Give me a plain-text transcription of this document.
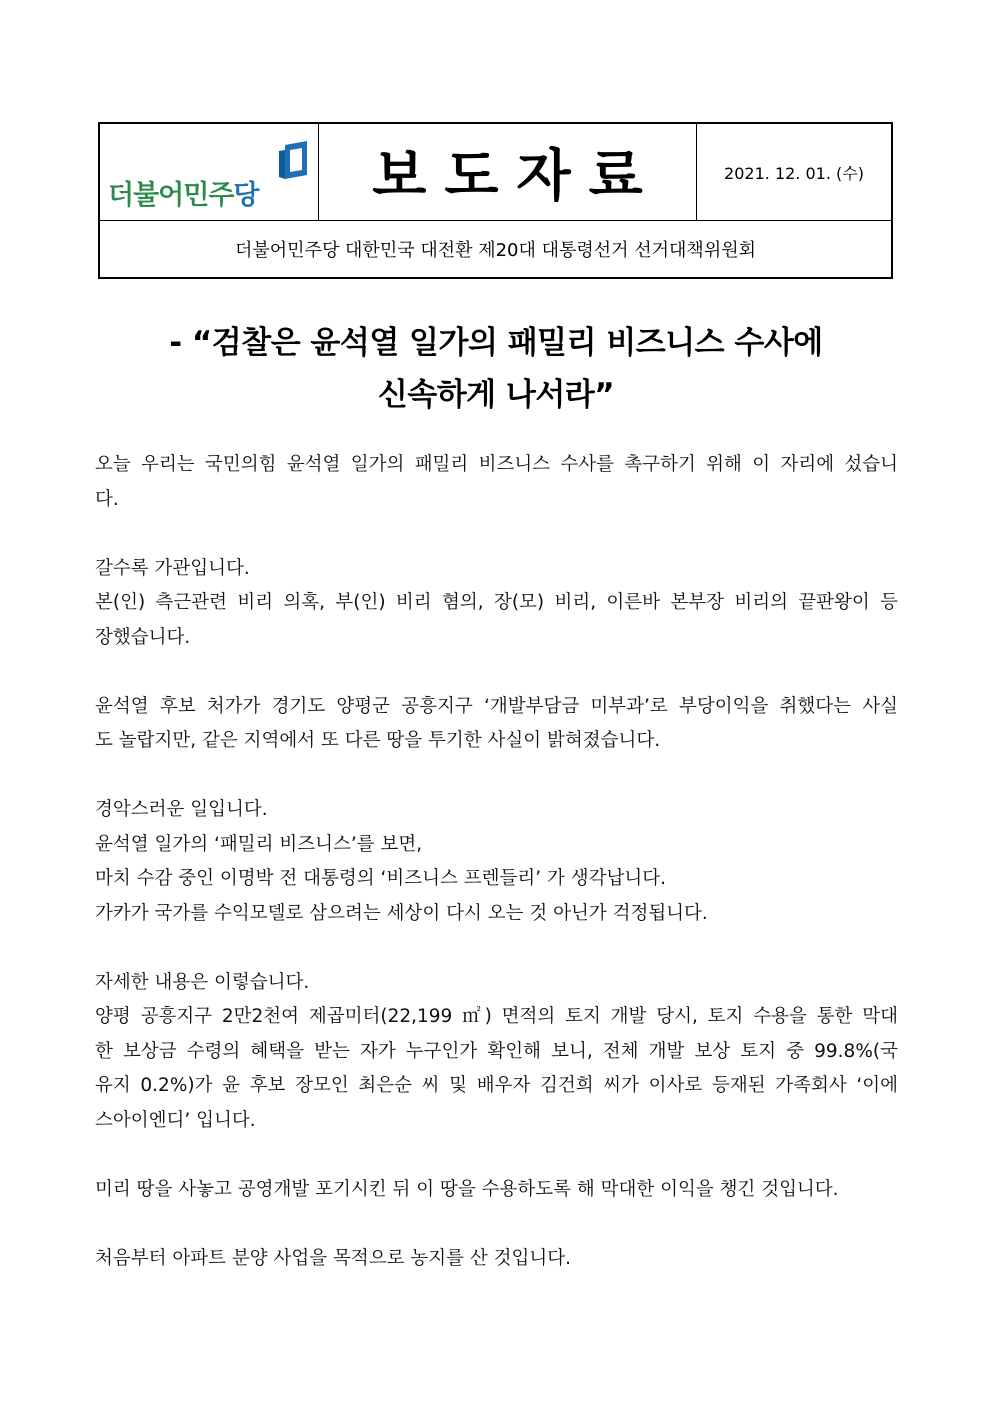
더불어민주당	보도자료	2021. 12. 01. (수)
더불어민주당 대한민국 대전환 제20대 대통령선거 선거대책위원회
- “검찰은 윤석열 일가의 패밀리 비즈니스 수사에
신속하게 나서라”
오늘 우리는 국민의힘 윤석열 일가의 패밀리 비즈니스 수사를 촉구하기 위해 이 자리에 섰습니
다.
갈수록 가관입니다.
본(인) 측근관련 비리 의혹, 부(인) 비리 혐의, 장(모) 비리, 이른바 본부장 비리의 끝판왕이 등
장했습니다.
윤석열 후보 처가가 경기도 양평군 공흥지구 ‘개발부담금 미부과’로 부당이익을 취했다는 사실
도 놀랍지만, 같은 지역에서 또 다른 땅을 투기한 사실이 밝혀졌습니다.
경악스러운 일입니다.
윤석열 일가의 ‘패밀리 비즈니스’를 보면,
마치 수감 중인 이명박 전 대통령의 ‘비즈니스 프렌들리’ 가 생각납니다.
가카가 국가를 수익모델로 삼으려는 세상이 다시 오는 것 아닌가 걱정됩니다.
자세한 내용은 이렇습니다.
양평 공흥지구 2만2천여 제곱미터(22,199 ㎡) 면적의 토지 개발 당시, 토지 수용을 통한 막대
한 보상금 수령의 혜택을 받는 자가 누구인가 확인해 보니, 전체 개발 보상 토지 중 99.8%(국
유지 0.2%)가 윤 후보 장모인 최은순 씨 및 배우자 김건희 씨가 이사로 등재된 가족회사 ‘이에
스아이엔디’ 입니다.
미리 땅을 사놓고 공영개발 포기시킨 뒤 이 땅을 수용하도록 해 막대한 이익을 챙긴 것입니다.
처음부터 아파트 분양 사업을 목적으로 농지를 산 것입니다.
